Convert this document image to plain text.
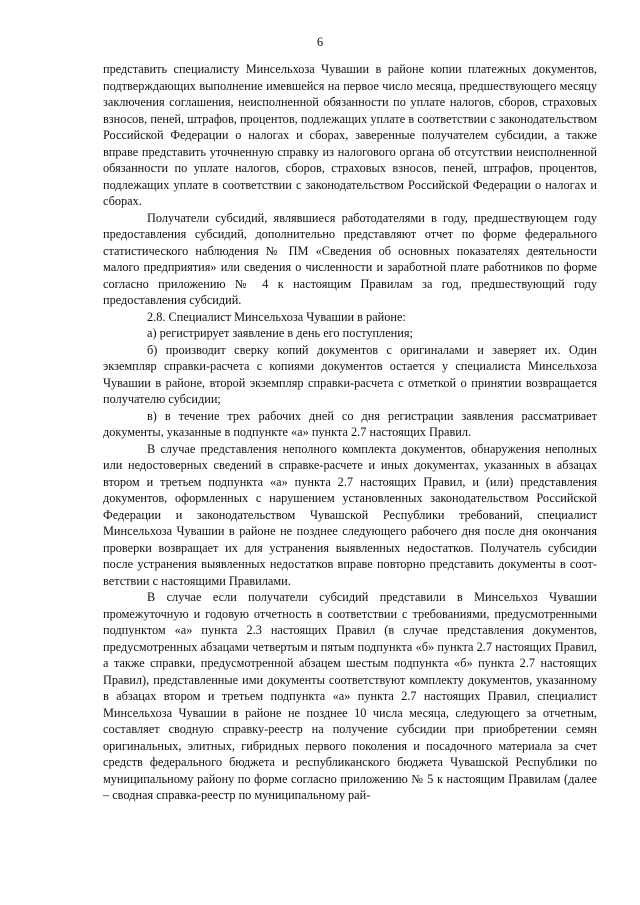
6

представить специалисту Минсельхоза Чувашии в районе копии платежных документов, подтверждающих выполнение имевшейся на первое число месяца, предшествующего месяцу заключения соглашения, неисполненной обязанности по уплате налогов, сборов, страховых взносов, пеней, штрафов, процентов, подлежащих уплате в соответствии с законодательством Российской Федерации о налогах и сборах, заверенные получателем субсидии, а также вправе представить уточненную справку из налогового органа об отсутствии неисполненной обязанности по уплате налогов, сборов, страховых взносов, пеней, штрафов, процентов, подлежащих уплате в соответствии с законодательством Российской Федерации о налогах и сборах.

Получатели субсидий, являвшиеся работодателями в году, предшествующем году предоставления субсидий, дополнительно представляют отчет по форме федерального статистического наблюдения № ПМ «Сведения об основных показателях деятельности малого предприятия» или сведения о численности и заработной плате работников по форме согласно приложению № 4 к настоящим Правилам за год, предшествующий году предоставления субсидий.

2.8. Специалист Минсельхоза Чувашии в районе:

а) регистрирует заявление в день его поступления;

б) производит сверку копий документов с оригиналами и заверяет их. Один экземпляр справки-расчета с копиями документов остается у специалиста Минсельхоза Чувашии в районе, второй экземпляр справки-расчета с отметкой о принятии возвращается получателю субсидии;

в) в течение трех рабочих дней со дня регистрации заявления рассматривает документы, указанные в подпункте «а» пункта 2.7 настоящих Правил.

В случае представления неполного комплекта документов, обнаружения неполных или недостоверных сведений в справке-расчете и иных документах, указанных в абзацах втором и третьем подпункта «а» пункта 2.7 настоящих Правил, и (или) представления документов, оформленных с нарушением установленных законодательством Российской Федерации и законодательством Чувашской Республики требований, специалист Минсельхоза Чувашии в районе не позднее следующего рабочего дня после дня окончания проверки возвращает их для устранения выявленных недостатков. Получатель субсидии после устранения выявленных недостатков вправе повторно представить документы в соответствии с настоящими Правилами.

В случае если получатели субсидий представили в Минсельхоз Чувашии промежуточную и годовую отчетность в соответствии с требованиями, предусмотренными подпунктом «а» пункта 2.3 настоящих Правил (в случае представления документов, предусмотренных абзацами четвертым и пятым подпункта «б» пункта 2.7 настоящих Правил, а также справки, предусмотренной абзацем шестым подпункта «б» пункта 2.7 настоящих Правил), представленные ими документы соответствуют комплекту документов, указанному в абзацах втором и третьем подпункта «а» пункта 2.7 настоящих Правил, специалист Минсельхоза Чувашии в районе не позднее 10 числа месяца, следующего за отчетным, составляет сводную справку-реестр на получение субсидии при приобретении семян оригинальных, элитных, гибридных первого поколения и посадочного материала за счет средств федерального бюджета и республиканского бюджета Чувашской Республики по муниципальному району по форме согласно приложению № 5 к настоящим Правилам (далее – сводная справка-реестр по муниципальному рай-
